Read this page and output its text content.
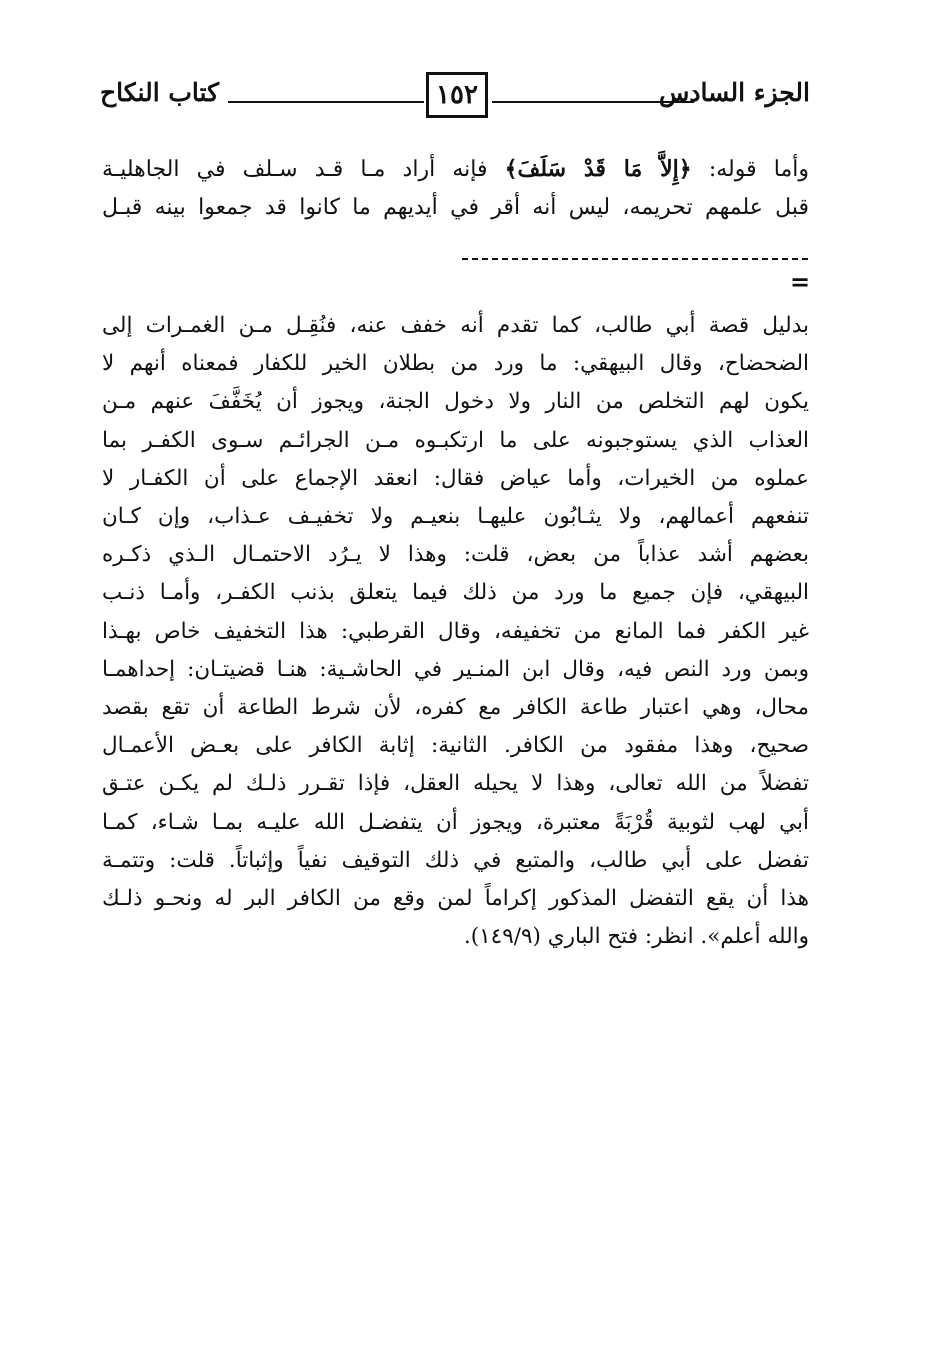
الجزء السادس
١٥٢
كتاب النكاح
وأما قوله: ﴿إِلاَّ مَا قَدْ سَلَفَ﴾ فإنه أراد مـا قـد سـلف في الجاهليـة
قبل علمهم تحريمه، ليس أنه أقر في أيديهم ما كانوا قد جمعوا بينه قبـل
=
بدليل قصة أبي طالب، كما تقدم أنه خفف عنه، فنُقِـل مـن الغمـرات إلى
الضحضاح، وقال البيهقي: ما ورد من بطلان الخير للكفار فمعناه أنهم لا
يكون لهم التخلص من النار ولا دخول الجنة، ويجوز أن يُخَفَّفَ عنهم مـن
العذاب الذي يستوجبونه على ما ارتكبـوه مـن الجرائـم سـوى الكفـر بما
عملوه من الخيرات، وأما عياض فقال: انعقد الإجماع على أن الكفـار لا
تنفعهم أعمالهم، ولا يثـابُون عليهـا بنعيـم ولا تخفيـف عـذاب، وإن كـان
بعضهم أشد عذاباً من بعض، قلت: وهذا لا يـرُد الاحتمـال الـذي ذكـره
البيهقي، فإن جميع ما ورد من ذلك فيما يتعلق بذنب الكفـر، وأمـا ذنـب
غير الكفر فما المانع من تخفيفه، وقال القرطبي: هذا التخفيف خاص بهـذا
وبمن ورد النص فيه، وقال ابن المنـير في الحاشـية: هنـا قضيتـان: إحداهمـا
محال، وهي اعتبار طاعة الكافر مع كفره، لأن شرط الطاعة أن تقع بقصد
صحيح، وهذا مفقود من الكافر. الثانية: إثابة الكافر على بعـض الأعمـال
تفضلاً من الله تعالى، وهذا لا يحيله العقل، فإذا تقـرر ذلـك لم يكـن عتـق
أبي لهب لثوبية قُرْبَةً معتبرة، ويجوز أن يتفضـل الله عليـه بمـا شـاء، كمـا
تفضل على أبي طالب، والمتبع في ذلك التوقيف نفياً وإثباتاً. قلت: وتتمـة
هذا أن يقع التفضل المذكور إكراماً لمن وقع من الكافر البر له ونحـو ذلـك
والله أعلم». انظر: فتح الباري (١٤٩/٩).
